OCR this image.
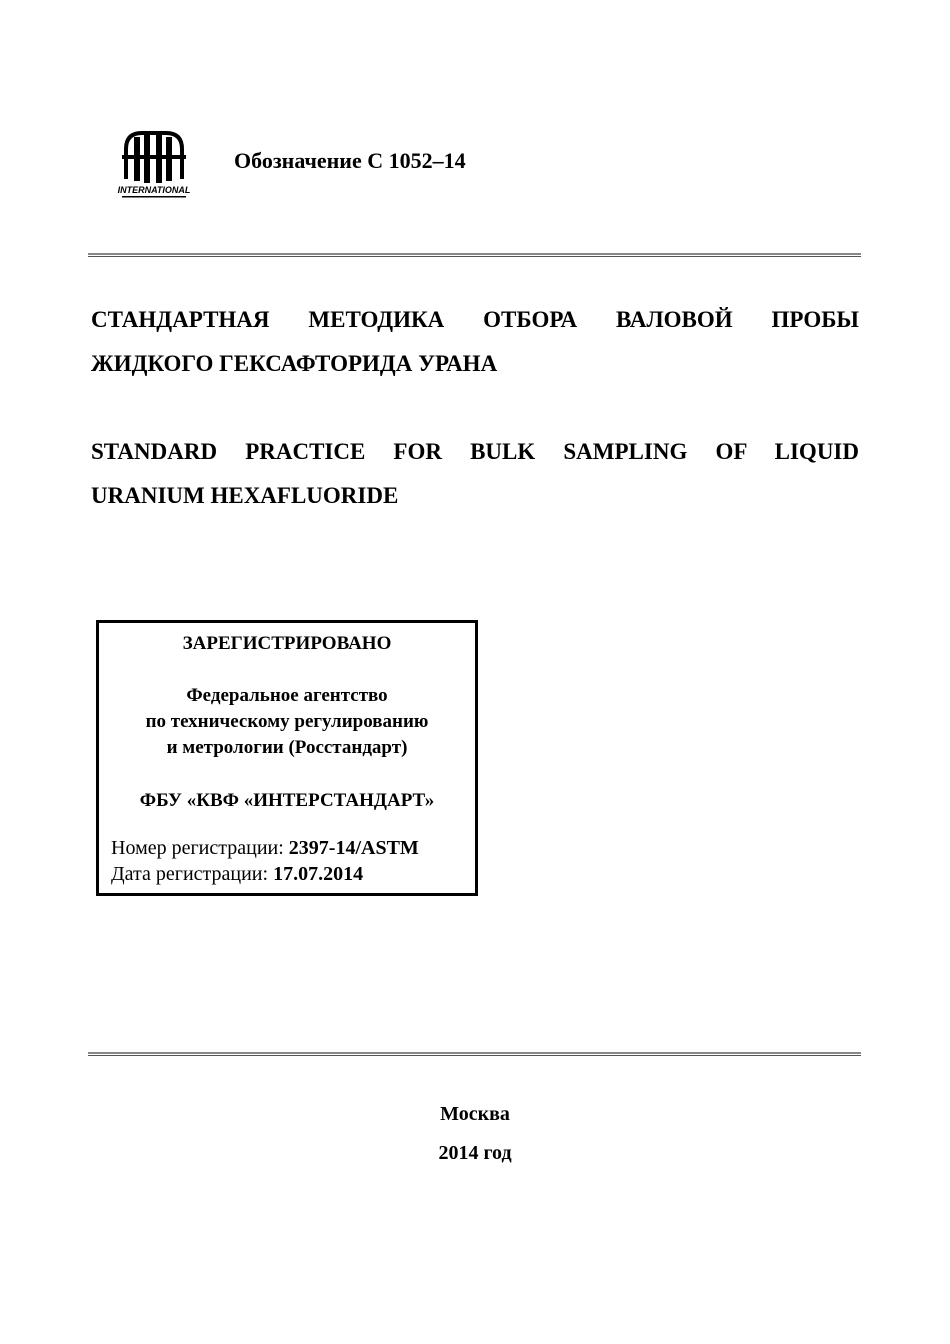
INTERNATIONAL
Обозначение C 1052–14
СТАНДАРТНАЯ МЕТОДИКА ОТБОРА ВАЛОВОЙ ПРОБЫ
ЖИДКОГО ГЕКСАФТОРИДА УРАНА
STANDARD PRACTICE FOR BULK SAMPLING OF LIQUID
URANIUM HEXAFLUORIDE
ЗАРЕГИСТРИРОВАНО
Федеральное агентство
по техническому регулированию
и метрологии (Росстандарт)
ФБУ «КВФ «ИНТЕРСТАНДАРТ»
Номер регистрации: 2397-14/ASTM
Дата регистрации: 17.07.2014
Москва
2014 год
